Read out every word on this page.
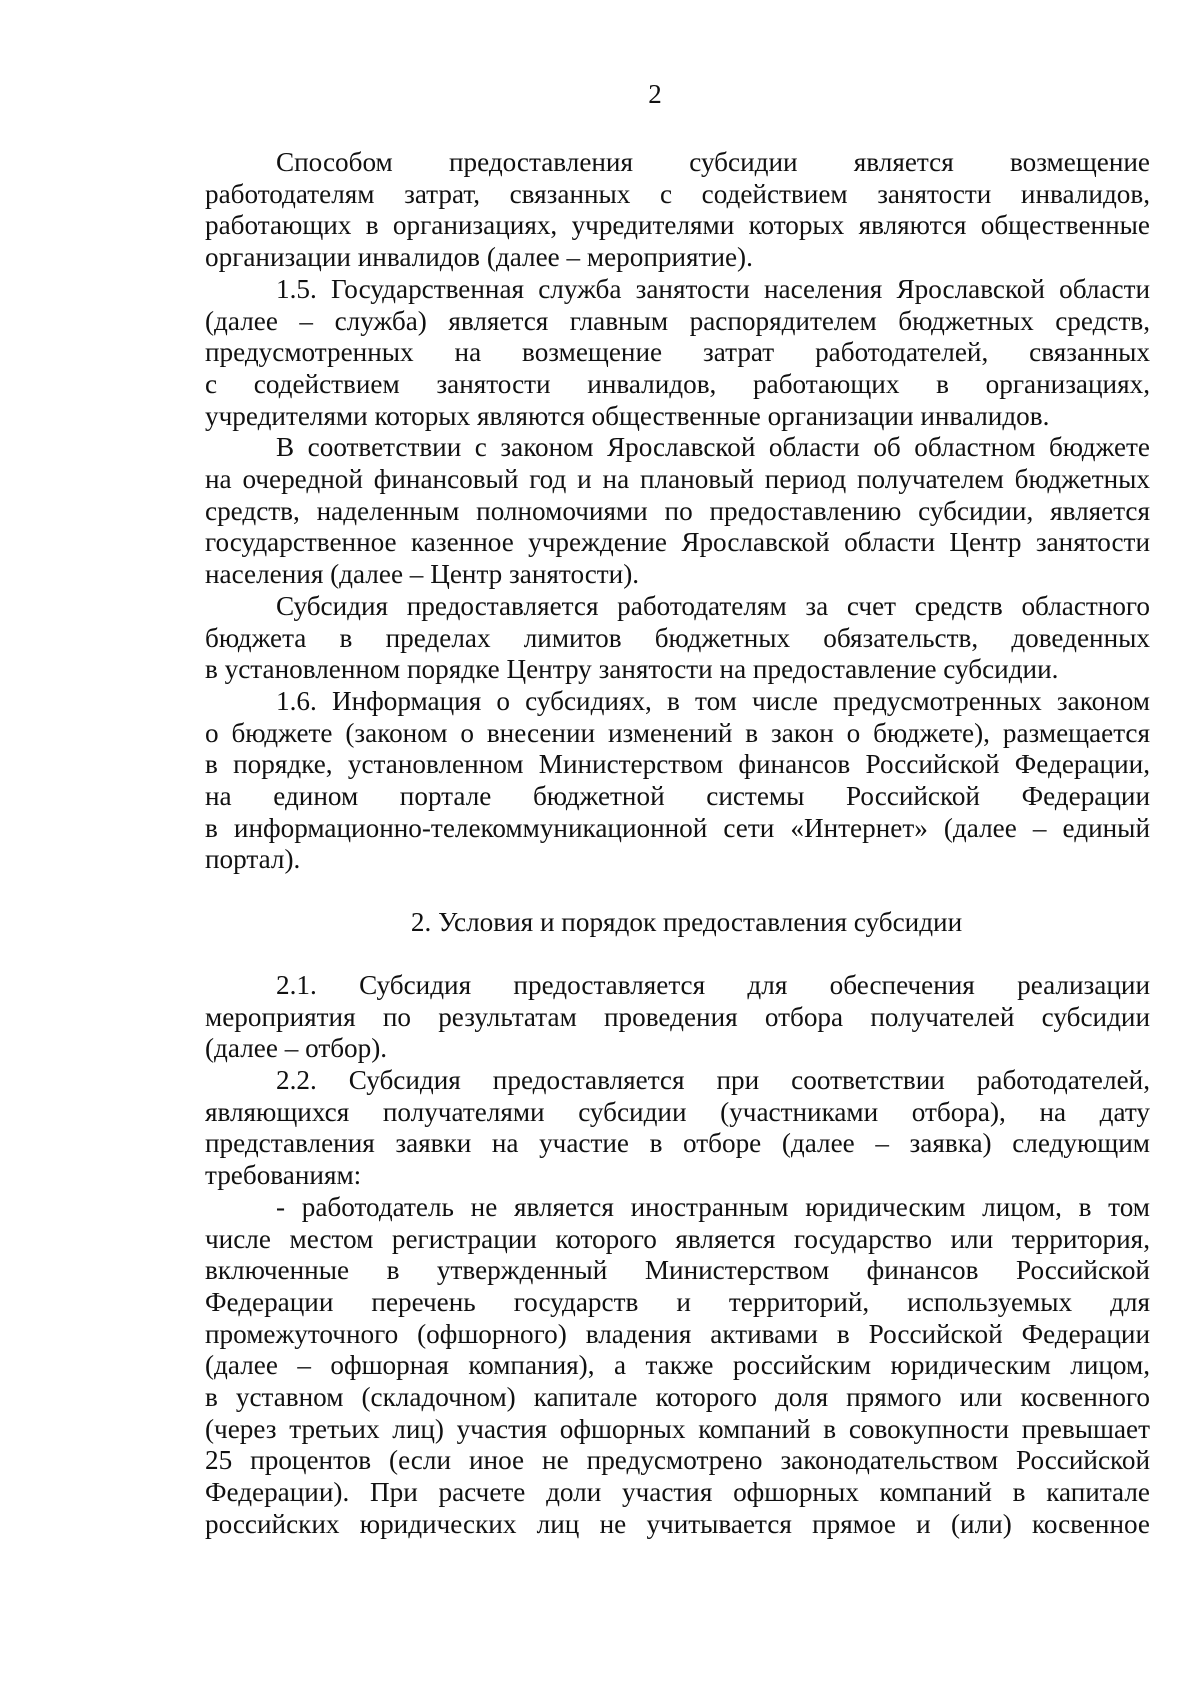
2
Способом предоставления субсидии является возмещение
работодателям затрат, связанных с содействием занятости инвалидов,
работающих в организациях, учредителями которых являются общественные
организации инвалидов (далее – мероприятие).
1.5. Государственная служба занятости населения Ярославской области
(далее – служба) является главным распорядителем бюджетных средств,
предусмотренных на возмещение затрат работодателей, связанных
с содействием занятости инвалидов, работающих в организациях,
учредителями которых являются общественные организации инвалидов.
В соответствии с законом Ярославской области об областном бюджете
на очередной финансовый год и на плановый период получателем бюджетных
средств, наделенным полномочиями по предоставлению субсидии, является
государственное казенное учреждение Ярославской области Центр занятости
населения (далее – Центр занятости).
Субсидия предоставляется работодателям за счет средств областного
бюджета в пределах лимитов бюджетных обязательств, доведенных
в установленном порядке Центру занятости на предоставление субсидии.
1.6. Информация о субсидиях, в том числе предусмотренных законом
о бюджете (законом о внесении изменений в закон о бюджете), размещается
в порядке, установленном Министерством финансов Российской Федерации,
на едином портале бюджетной системы Российской Федерации
в информационно-телекоммуникационной сети «Интернет» (далее – единый
портал).
2. Условия и порядок предоставления субсидии
2.1. Субсидия предоставляется для обеспечения реализации
мероприятия по результатам проведения отбора получателей субсидии
(далее – отбор).
2.2. Субсидия предоставляется при соответствии работодателей,
являющихся получателями субсидии (участниками отбора), на дату
представления заявки на участие в отборе (далее – заявка) следующим
требованиям:
- работодатель не является иностранным юридическим лицом, в том
числе местом регистрации которого является государство или территория,
включенные в утвержденный Министерством финансов Российской
Федерации перечень государств и территорий, используемых для
промежуточного (офшорного) владения активами в Российской Федерации
(далее – офшорная компания), а также российским юридическим лицом,
в уставном (складочном) капитале которого доля прямого или косвенного
(через третьих лиц) участия офшорных компаний в совокупности превышает
25 процентов (если иное не предусмотрено законодательством Российской
Федерации). При расчете доли участия офшорных компаний в капитале
российских юридических лиц не учитывается прямое и (или) косвенное
